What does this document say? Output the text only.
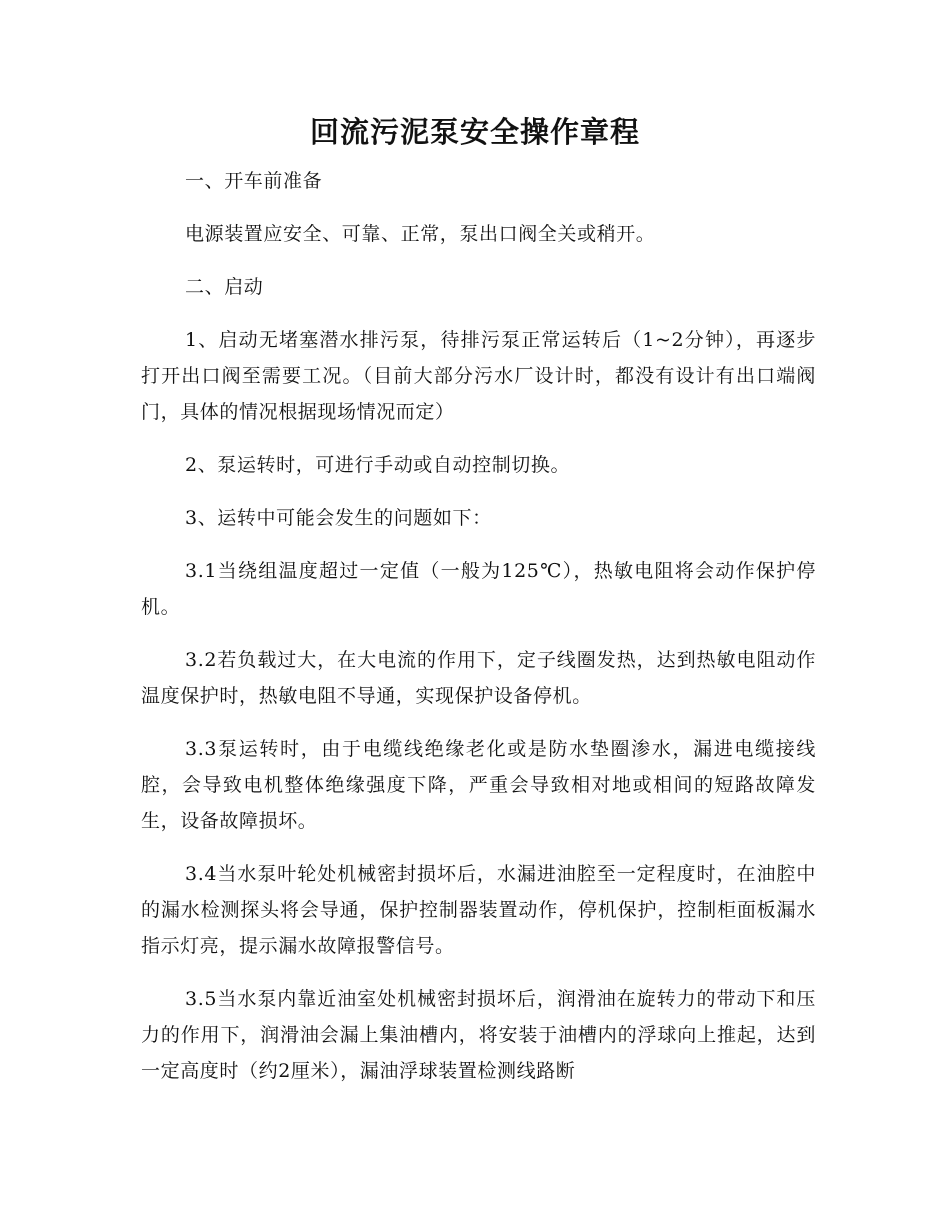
回流污泥泵安全操作章程

一、开车前准备

电源装置应安全、可靠、正常，泵出口阀全关或稍开。

二、启动

1、启动无堵塞潜水排污泵，待排污泵正常运转后（1~2分钟），再逐步打开出口阀至需要工况。（目前大部分污水厂设计时，都没有设计有出口端阀门，具体的情况根据现场情况而定）

2、泵运转时，可进行手动或自动控制切换。

3、运转中可能会发生的问题如下：

3.1当绕组温度超过一定值（一般为125℃），热敏电阻将会动作保护停机。

3.2若负载过大，在大电流的作用下，定子线圈发热，达到热敏电阻动作温度保护时，热敏电阻不导通，实现保护设备停机。

3.3泵运转时，由于电缆线绝缘老化或是防水垫圈渗水，漏进电缆接线腔，会导致电机整体绝缘强度下降，严重会导致相对地或相间的短路故障发生，设备故障损坏。

3.4当水泵叶轮处机械密封损坏后，水漏进油腔至一定程度时，在油腔中的漏水检测探头将会导通，保护控制器装置动作，停机保护，控制柜面板漏水指示灯亮，提示漏水故障报警信号。

3.5当水泵内靠近油室处机械密封损坏后，润滑油在旋转力的带动下和压力的作用下，润滑油会漏上集油槽内，将安装于油槽内的浮球向上推起，达到一定高度时（约2厘米），漏油浮球装置检测线路断
